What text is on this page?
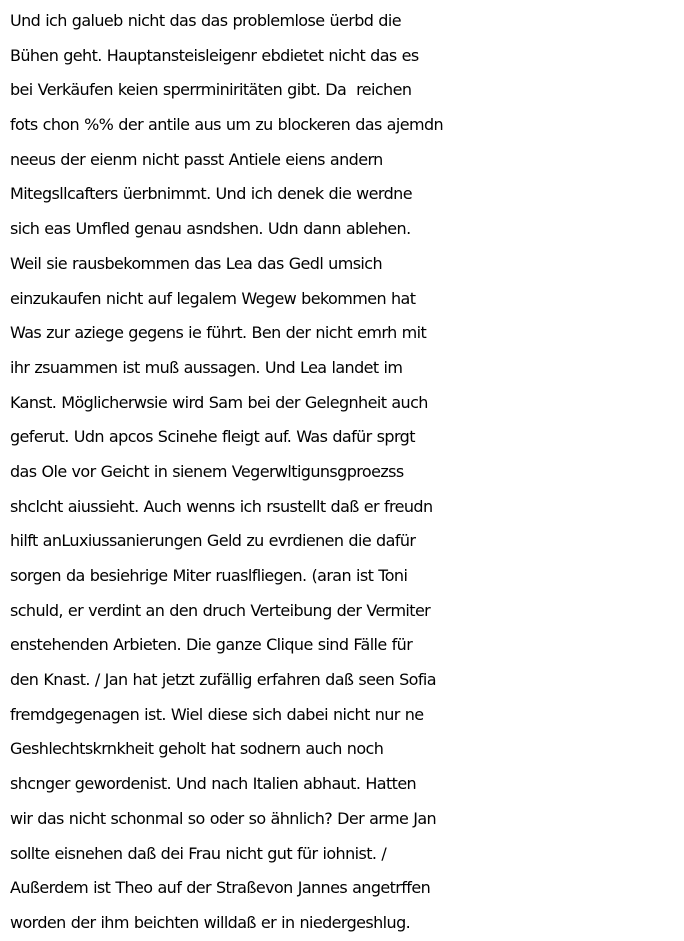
Und ich galueb nicht das das problemlose üerbd die
Bühen geht. Hauptansteisleigenr ebdietet nicht das es
bei Verkäufen keien sperrminiritäten gibt. Da  reichen
fots chon %% der antile aus um zu blockeren das ajemdn
neeus der eienm nicht passt Antiele eiens andern
Mitegsllcafters üerbnimmt. Und ich denek die werdne
sich eas Umfled genau asndshen. Udn dann ablehen.
Weil sie rausbekommen das Lea das Gedl umsich
einzukaufen nicht auf legalem Wegew bekommen hat
Was zur aziege gegens ie führt. Ben der nicht emrh mit
ihr zsuammen ist muß aussagen. Und Lea landet im
Kanst. Möglicherwsie wird Sam bei der Gelegnheit auch
geferut. Udn apcos Scinehe fleigt auf. Was dafür sprgt
das Ole vor Geicht in sienem Vegerwltigunsgproezss
shclcht aiussieht. Auch wenns ich rsustellt daß er freudn
hilft anLuxiussanierungen Geld zu evrdienen die dafür
sorgen da besiehrige Miter ruaslfliegen. (aran ist Toni
schuld, er verdint an den druch Verteibung der Vermiter
enstehenden Arbieten. Die ganze Clique sind Fälle für
den Knast. / Jan hat jetzt zufällig erfahren daß seen Sofia
fremdgegenagen ist. Wiel diese sich dabei nicht nur ne
Geshlechtskrnkheit geholt hat sodnern auch noch
shcnger gewordenist. Und nach Italien abhaut. Hatten
wir das nicht schonmal so oder so ähnlich? Der arme Jan
sollte eisnehen daß dei Frau nicht gut für iohnist. /
Außerdem ist Theo auf der Straßevon Jannes angetrffen
worden der ihm beichten willdaß er in niedergeshlug.
